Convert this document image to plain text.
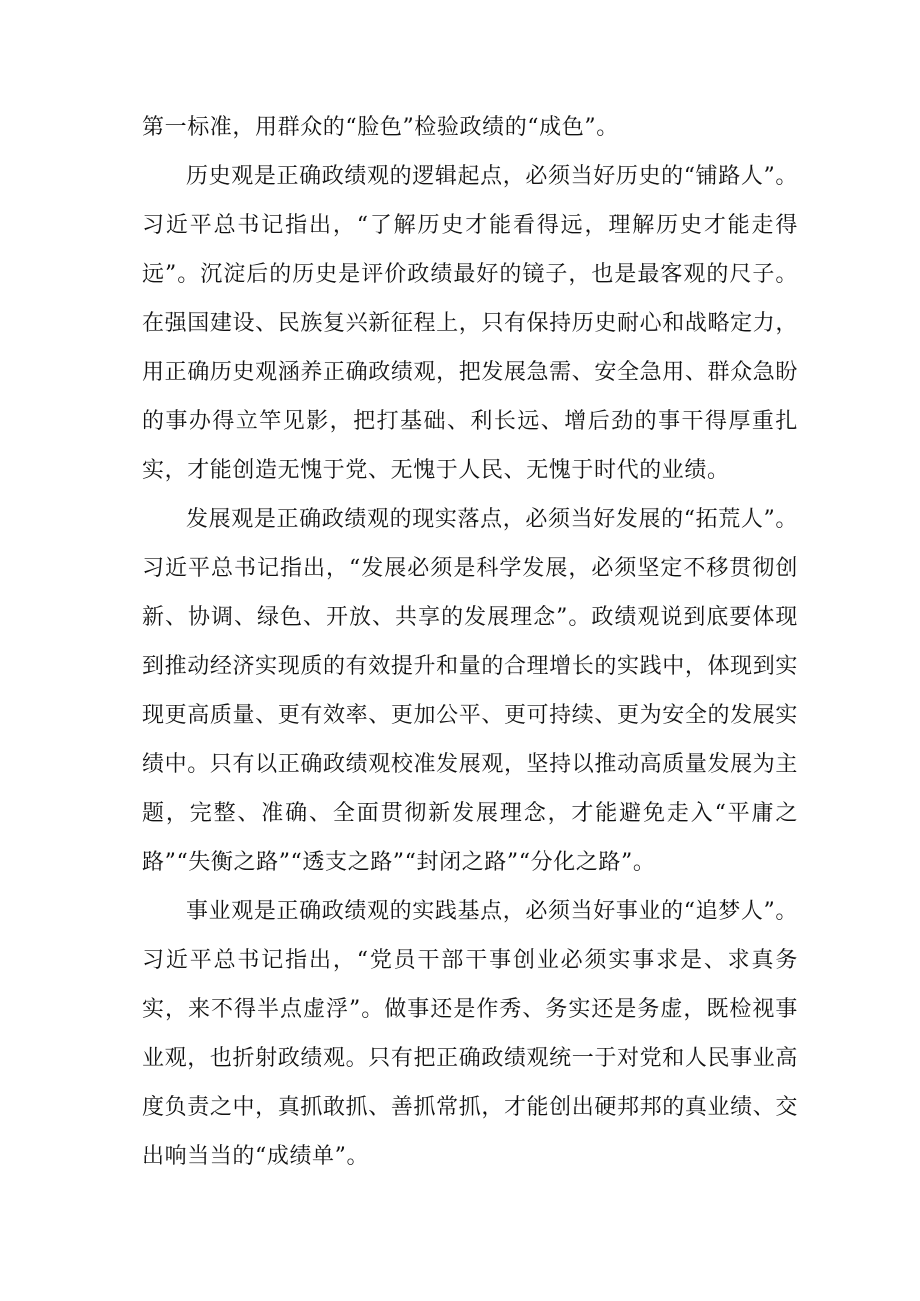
第一标准，用群众的“脸色”检验政绩的“成色”。

历史观是正确政绩观的逻辑起点，必须当好历史的“铺路人”。习近平总书记指出，“了解历史才能看得远，理解历史才能走得远”。沉淀后的历史是评价政绩最好的镜子，也是最客观的尺子。在强国建设、民族复兴新征程上，只有保持历史耐心和战略定力，用正确历史观涵养正确政绩观，把发展急需、安全急用、群众急盼的事办得立竿见影，把打基础、利长远、增后劲的事干得厚重扎实，才能创造无愧于党、无愧于人民、无愧于时代的业绩。

发展观是正确政绩观的现实落点，必须当好发展的“拓荒人”。习近平总书记指出，“发展必须是科学发展，必须坚定不移贯彻创新、协调、绿色、开放、共享的发展理念”。政绩观说到底要体现到推动经济实现质的有效提升和量的合理增长的实践中，体现到实现更高质量、更有效率、更加公平、更可持续、更为安全的发展实绩中。只有以正确政绩观校准发展观，坚持以推动高质量发展为主题，完整、准确、全面贯彻新发展理念，才能避免走入“平庸之路”“失衡之路”“透支之路”“封闭之路”“分化之路”。

事业观是正确政绩观的实践基点，必须当好事业的“追梦人”。习近平总书记指出，“党员干部干事创业必须实事求是、求真务实，来不得半点虚浮”。做事还是作秀、务实还是务虚，既检视事业观，也折射政绩观。只有把正确政绩观统一于对党和人民事业高度负责之中，真抓敢抓、善抓常抓，才能创出硬邦邦的真业绩、交出响当当的“成绩单”。
